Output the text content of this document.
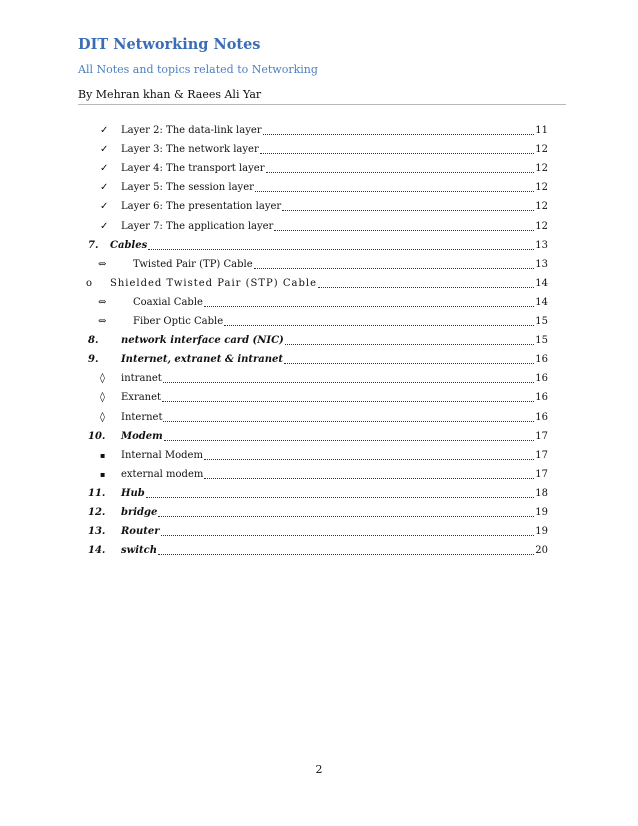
DIT Networking Notes
All Notes and topics related to Networking
By Mehran khan & Raees Ali Yar
✓ Layer 2: The data-link layer	11
✓ Layer 3: The network layer	12
✓ Layer 4: The transport layer	12
✓ Layer 5: The session layer	12
✓ Layer 6: The presentation layer	12
✓ Layer 7: The application layer	12
7. Cables	13
⇔	Twisted Pair (TP) Cable	13
o Shielded Twisted Pair (STP) Cable	14
⇔	Coaxial Cable	14
⇔	Fiber Optic Cable	15
8. network interface card (NIC)	15
9. Internet, extranet & intranet	16
◊ intranet	16
◊ Exranet	16
◊ Internet	16
10. Modem	17
▪ Internal Modem	17
▪ external modem	17
11. Hub	18
12. bridge	19
13. Router	19
14. switch	20
2
